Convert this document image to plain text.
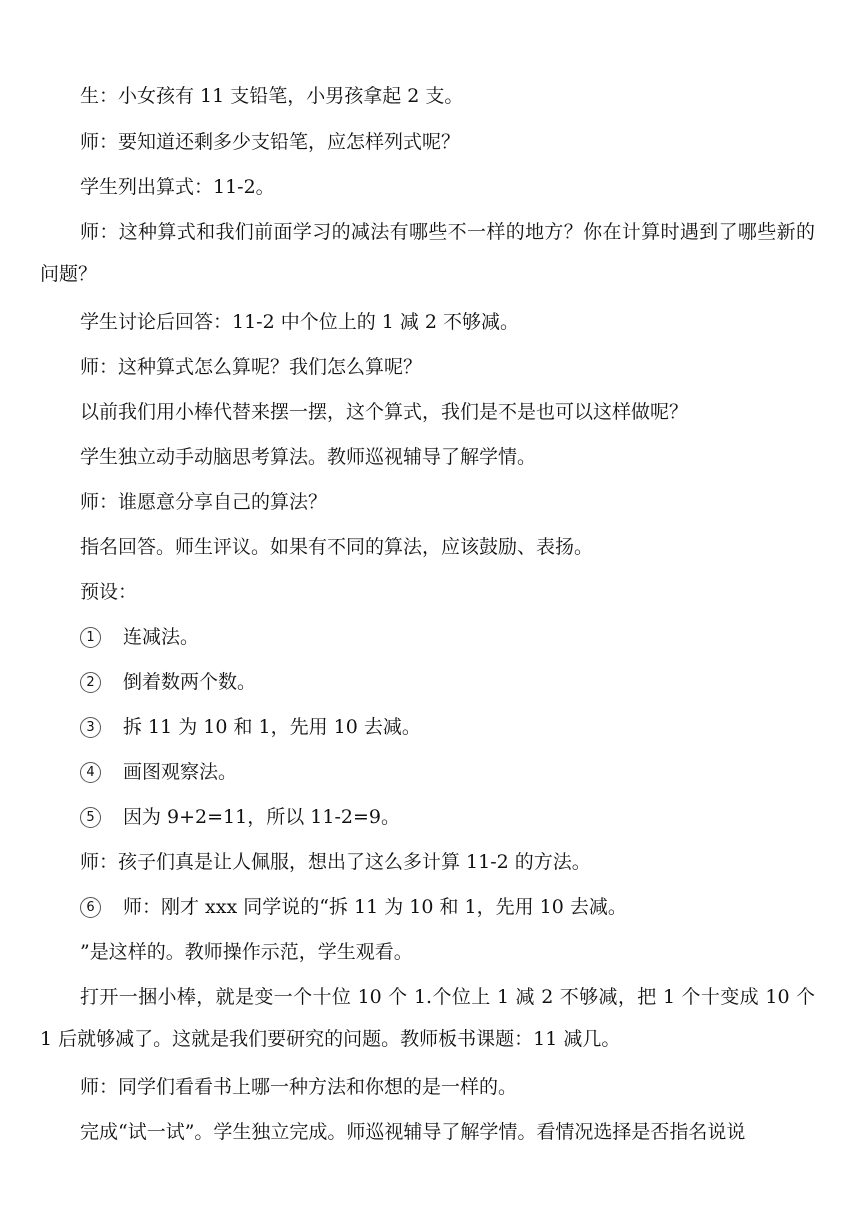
生：小女孩有 11 支铅笔，小男孩拿起 2 支。
师：要知道还剩多少支铅笔，应怎样列式呢？
学生列出算式：11-2。
师：这种算式和我们前面学习的减法有哪些不一样的地方？你在计算时遇到了哪些新的问题？
学生讨论后回答：11-2 中个位上的 1 减 2 不够减。
师：这种算式怎么算呢？我们怎么算呢？
以前我们用小棒代替来摆一摆，这个算式，我们是不是也可以这样做呢？
学生独立动手动脑思考算法。教师巡视辅导了解学情。
师：谁愿意分享自己的算法？
指名回答。师生评议。如果有不同的算法，应该鼓励、表扬。
预设：
1 连减法。
2 倒着数两个数。
3 拆 11 为 10 和 1，先用 10 去减。
4 画图观察法。
5 因为 9+2=11，所以 11-2=9。
师：孩子们真是让人佩服，想出了这么多计算 11-2 的方法。
6 师：刚才 xxx 同学说的“拆 11 为 10 和 1，先用 10 去减。
”是这样的。教师操作示范，学生观看。
打开一捆小棒，就是变一个十位 10 个 1.个位上 1 减 2 不够减，把 1 个十变成 10 个 1 后就够减了。这就是我们要研究的问题。教师板书课题：11 减几。
师：同学们看看书上哪一种方法和你想的是一样的。
完成“试一试”。学生独立完成。师巡视辅导了解学情。看情况选择是否指名说说
